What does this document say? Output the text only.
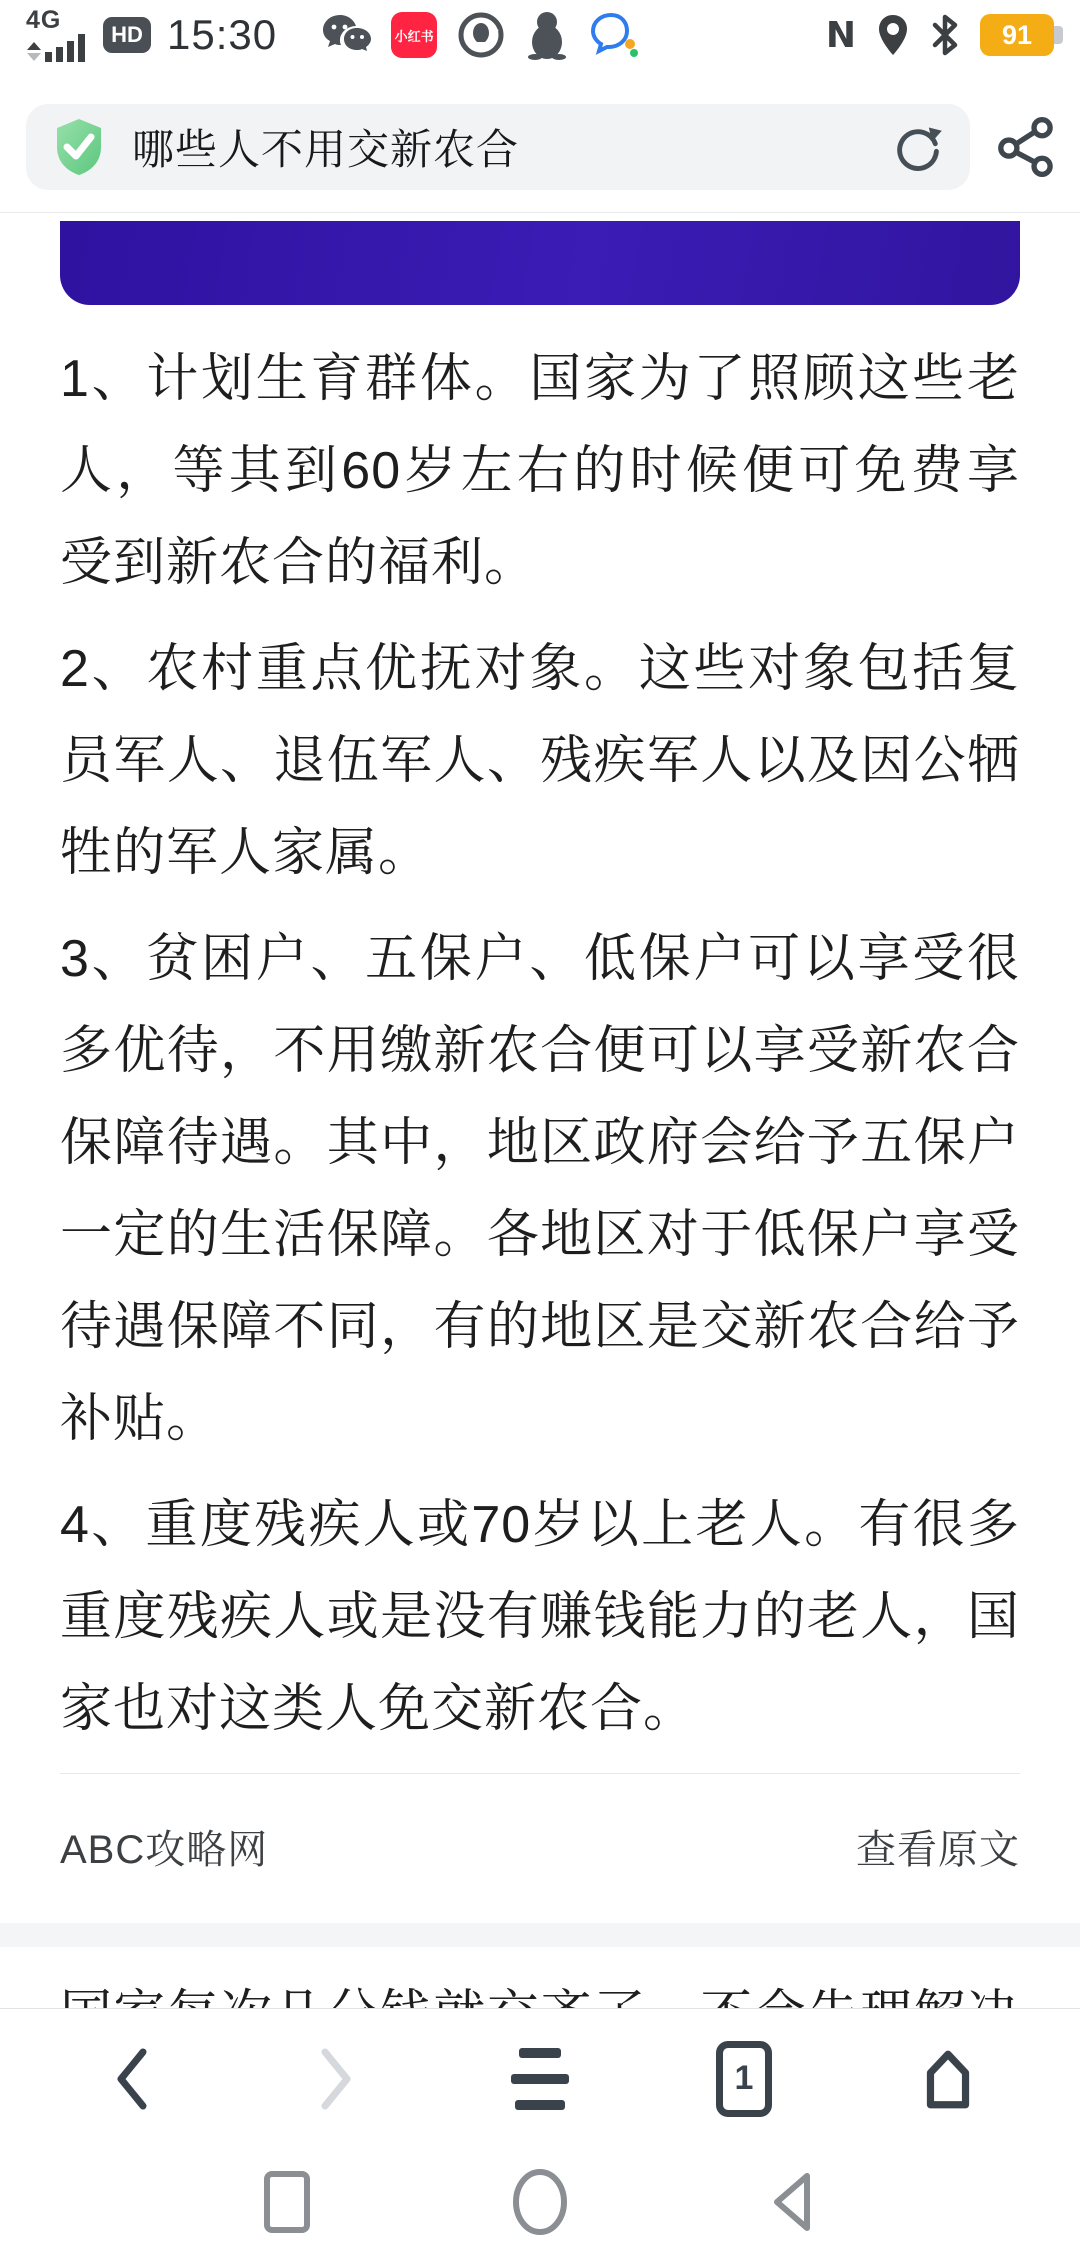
4G
HD 15:30	小红书	N	91
哪些人不用交新农合

1、计划生育群体。国家为了照顾这些老人，等其到60岁左右的时候便可免费享受到新农合的福利。

2、农村重点优抚对象。这些对象包括复员军人、退伍军人、残疾军人以及因公牺牲的军人家属。

3、贫困户、五保户、低保户可以享受很多优待，不用缴新农合便可以享受新农合保障待遇。其中，地区政府会给予五保户一定的生活保障。各地区对于低保户享受待遇保障不同，有的地区是交新农合给予补贴。

4、重度残疾人或70岁以上老人。有很多重度残疾人或是没有赚钱能力的老人，国家也对这类人免交新农合。

ABC攻略网	查看原文

1
